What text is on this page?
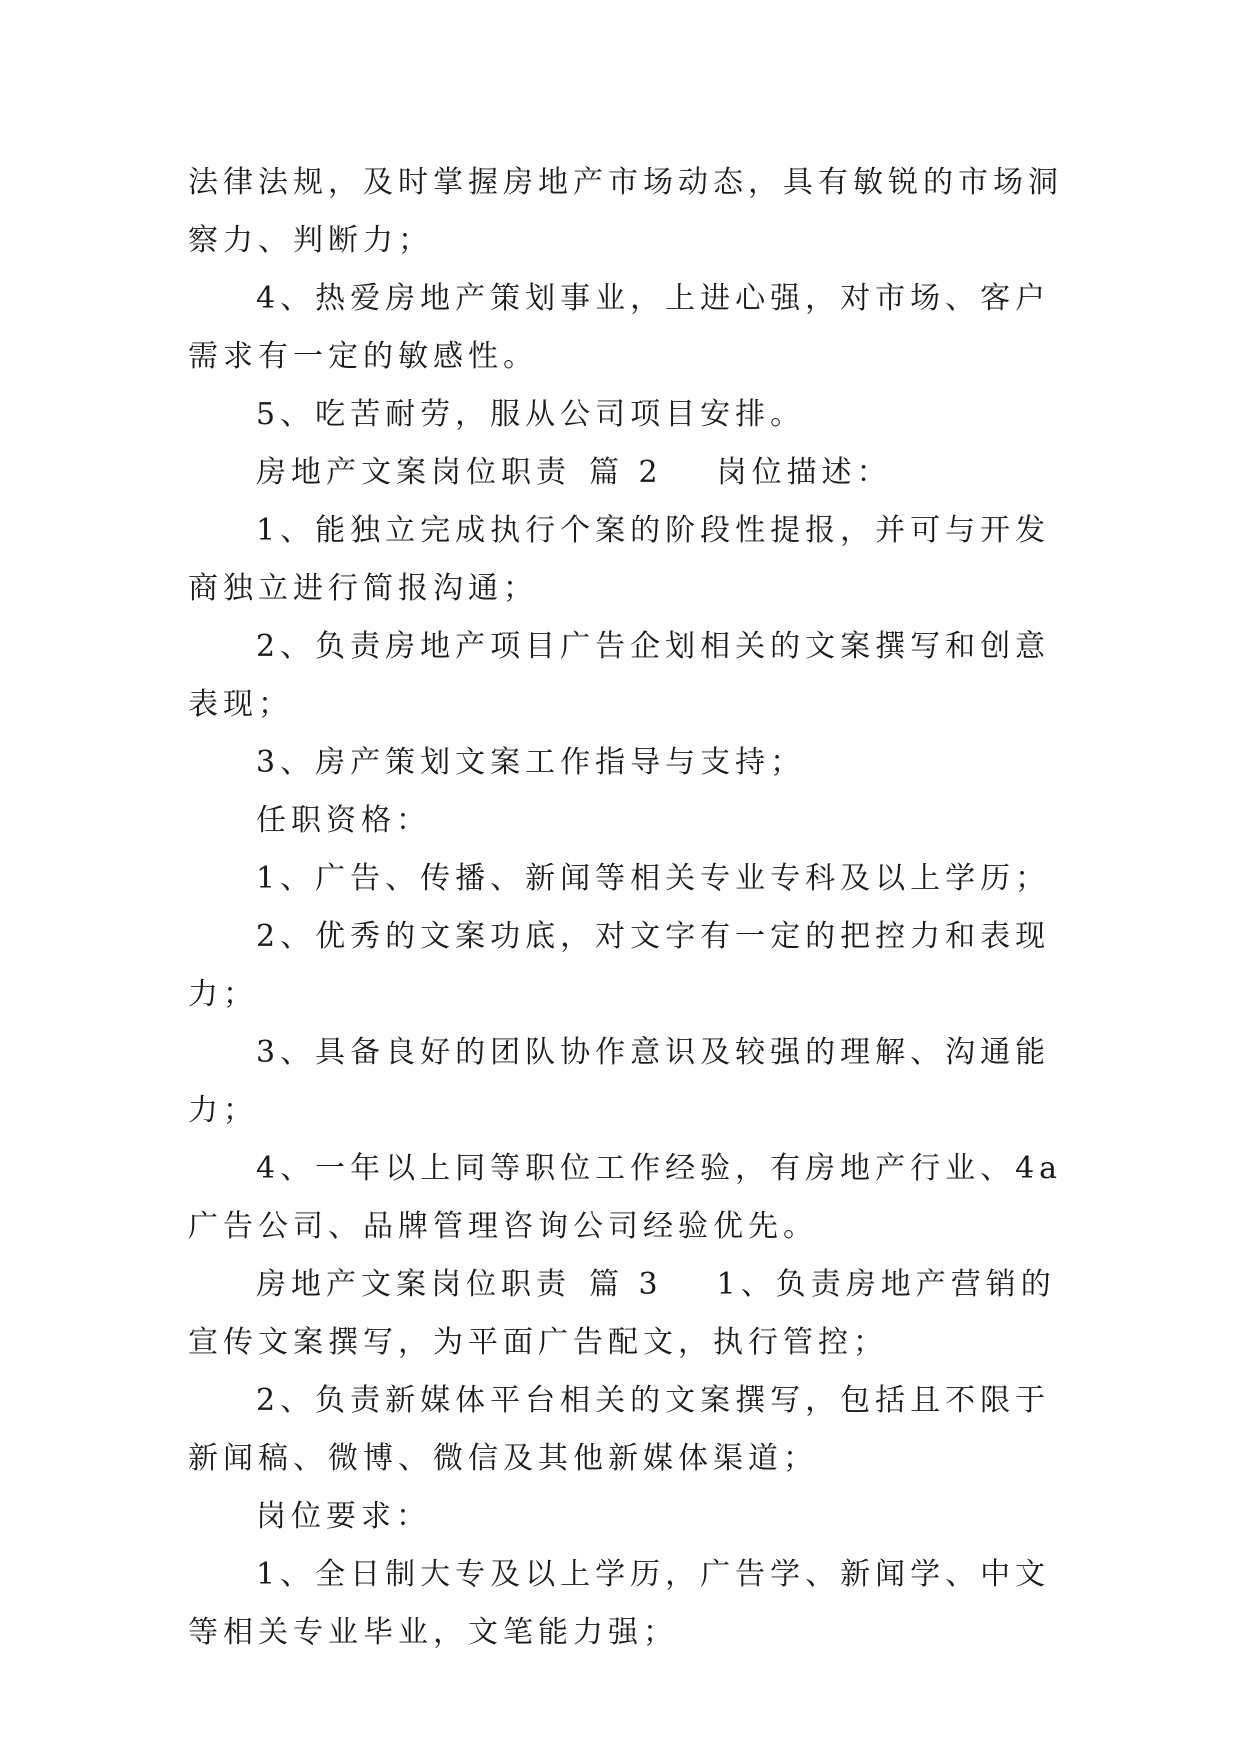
法律法规，及时掌握房地产市场动态，具有敏锐的市场洞察力、判断力；

4、热爱房地产策划事业，上进心强，对市场、客户需求有一定的敏感性。

5、吃苦耐劳，服从公司项目安排。

房地产文案岗位职责 篇 2 岗位描述：

1、能独立完成执行个案的阶段性提报，并可与开发商独立进行简报沟通；

2、负责房地产项目广告企划相关的文案撰写和创意表现；

3、房产策划文案工作指导与支持；

任职资格：

1、广告、传播、新闻等相关专业专科及以上学历；

2、优秀的文案功底，对文字有一定的把控力和表现力；

3、具备良好的团队协作意识及较强的理解、沟通能力；

4、一年以上同等职位工作经验，有房地产行业、4a 广告公司、品牌管理咨询公司经验优先。

房地产文案岗位职责 篇 3 1、负责房地产营销的宣传文案撰写，为平面广告配文，执行管控；

2、负责新媒体平台相关的文案撰写，包括且不限于新闻稿、微博、微信及其他新媒体渠道；

岗位要求：

1、全日制大专及以上学历，广告学、新闻学、中文等相关专业毕业，文笔能力强；
